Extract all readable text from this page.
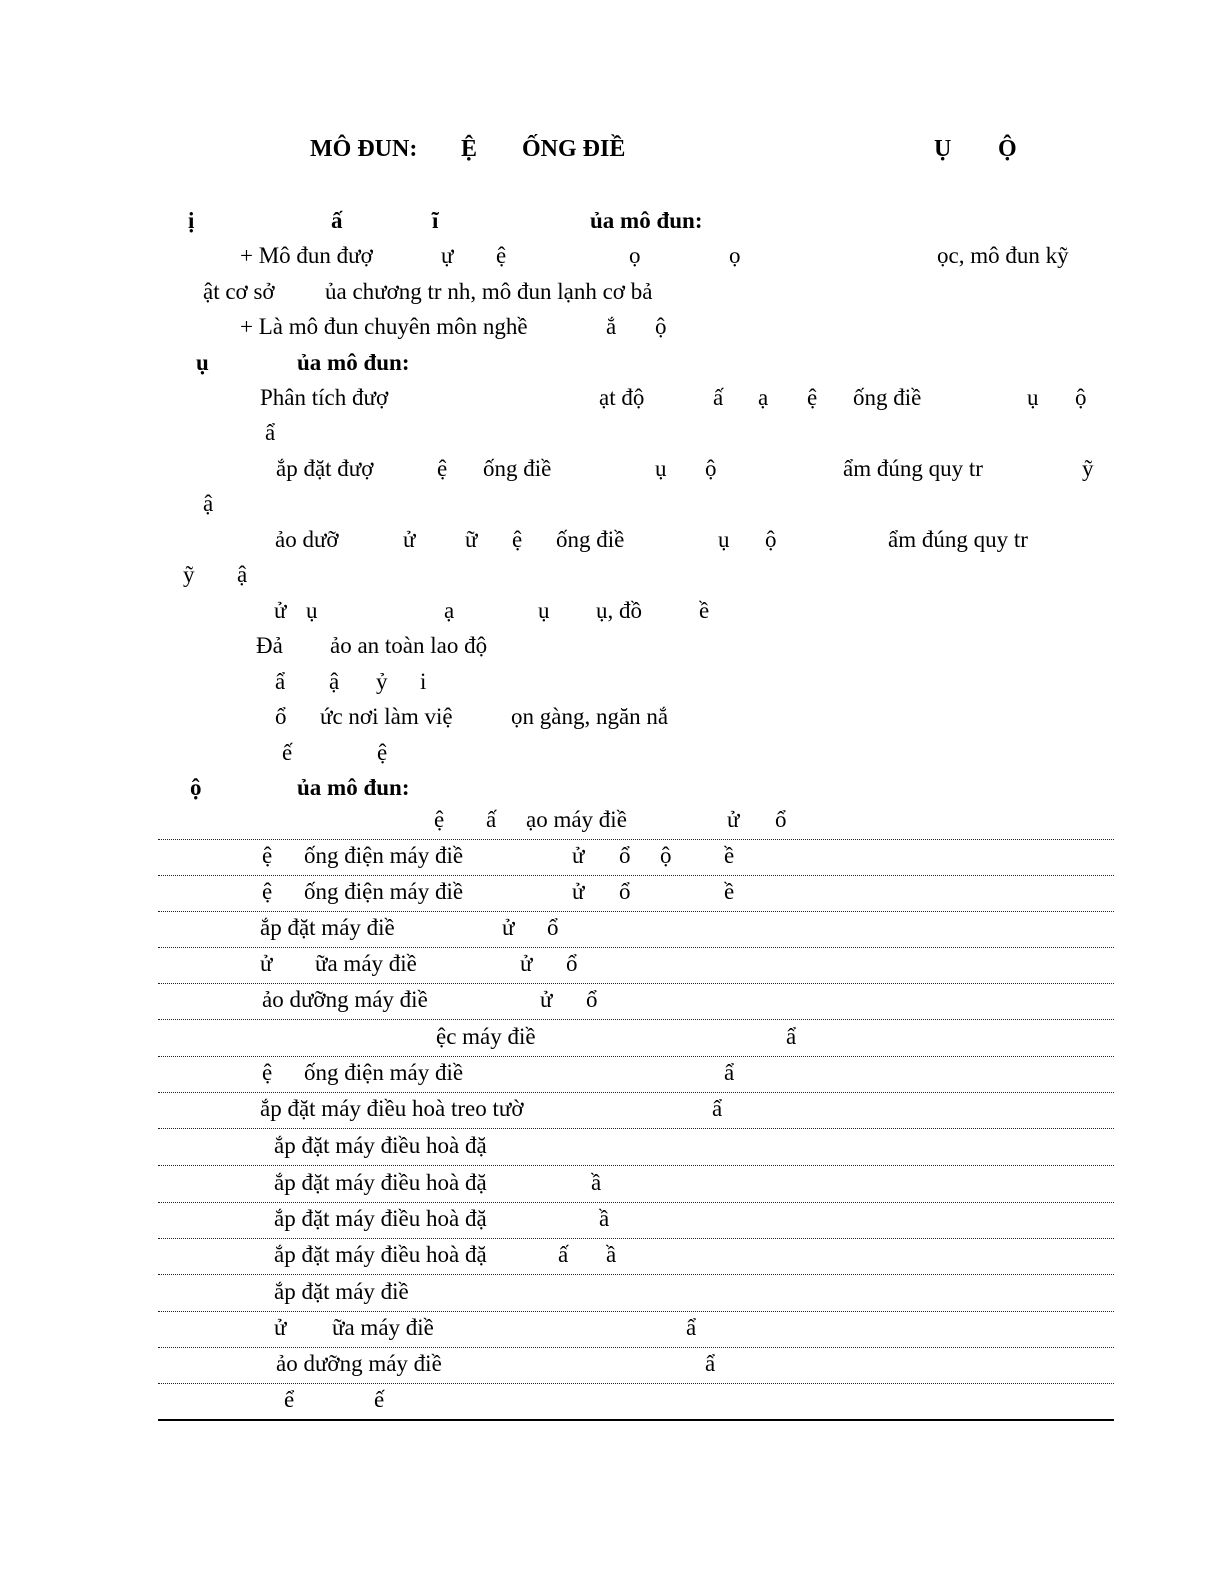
MÔ ĐUN: Ệ ỐNG ĐIỀ	Ụ Ộ
ị	ấ	ĩ	ủa mô đun:
+ Mô đun đượ	ự ệ	ọ	ọ	ọc, mô đun kỹ
ật cơ sở ủa chương tr nh, mô đun lạnh cơ bả
+ Là mô đun chuyên môn nghề	ắ ộ
ụ	ủa mô đun:
Phân tích đượ	ạt độ	ấ ạ ệ ống điề	ụ ộ
ẩ
ắp đặt đượ	ệ ống điề	ụ ộ	ẩm đúng quy tr	ỹ
ậ
ảo dưỡ	ử ữ ệ ống điề	ụ ộ	ẩm đúng quy tr
ỹ ậ
ử ụ	ạ	ụ ụ, đồ ề
Đả ảo an toàn lao độ
ẩ ậ ỷ i
ổ ức nơi làm việ	ọn gàng, ngăn nắ
ế	ệ
ộ	ủa mô đun:
ệ ấ ạo máy điề	ử ổ
ệ ống điện máy điề	ử ổ ộ ề
ệ ống điện máy điề	ử ổ	ề
ắp đặt máy điề	ử ổ
ử ữa máy điề	ử ổ
ảo dưỡng máy điề	ử ổ
ệc máy điề	ẩ
ệ ống điện máy điề	ẩ
ắp đặt máy điều hoà treo tườ	ẩ
ắp đặt máy điều hoà đặ
ắp đặt máy điều hoà đặ	ầ
ắp đặt máy điều hoà đặ	ầ
ắp đặt máy điều hoà đặ	ấ ầ
ắp đặt máy điề
ử ữa máy điề	ẩ
ảo dưỡng máy điề	ẩ
ể	ế
